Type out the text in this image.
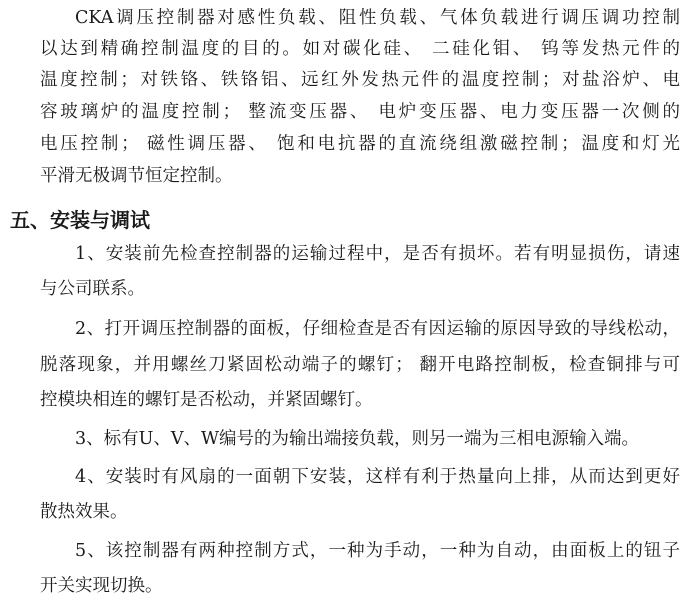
CKA调压控制器对感性负载、阻性负载、气体负载进行调压调功控制
以达到精确控制温度的目的。如对碳化硅、 二硅化钼、 钨等发热元件的
温度控制；对铁铬、铁铬铝、远红外发热元件的温度控制；对盐浴炉、电
容玻璃炉的温度控制； 整流变压器、 电炉变压器、电力变压器一次侧的
电压控制； 磁性调压器、 饱和电抗器的直流绕组激磁控制；温度和灯光
平滑无极调节恒定控制。
五、安装与调试
1、安装前先检查控制器的运输过程中，是否有损坏。若有明显损伤，请速
与公司联系。
2、打开调压控制器的面板，仔细检查是否有因运输的原因导致的导线松动，
脱落现象，并用螺丝刀紧固松动端子的螺钉； 翻开电路控制板，检查铜排与可
控模块相连的螺钉是否松动，并紧固螺钉。
3、标有U、V、W编号的为输出端接负载，则另一端为三相电源输入端。
4、安装时有风扇的一面朝下安装，这样有利于热量向上排，从而达到更好
散热效果。
5、该控制器有两种控制方式，一种为手动，一种为自动，由面板上的钮子
开关实现切换。
